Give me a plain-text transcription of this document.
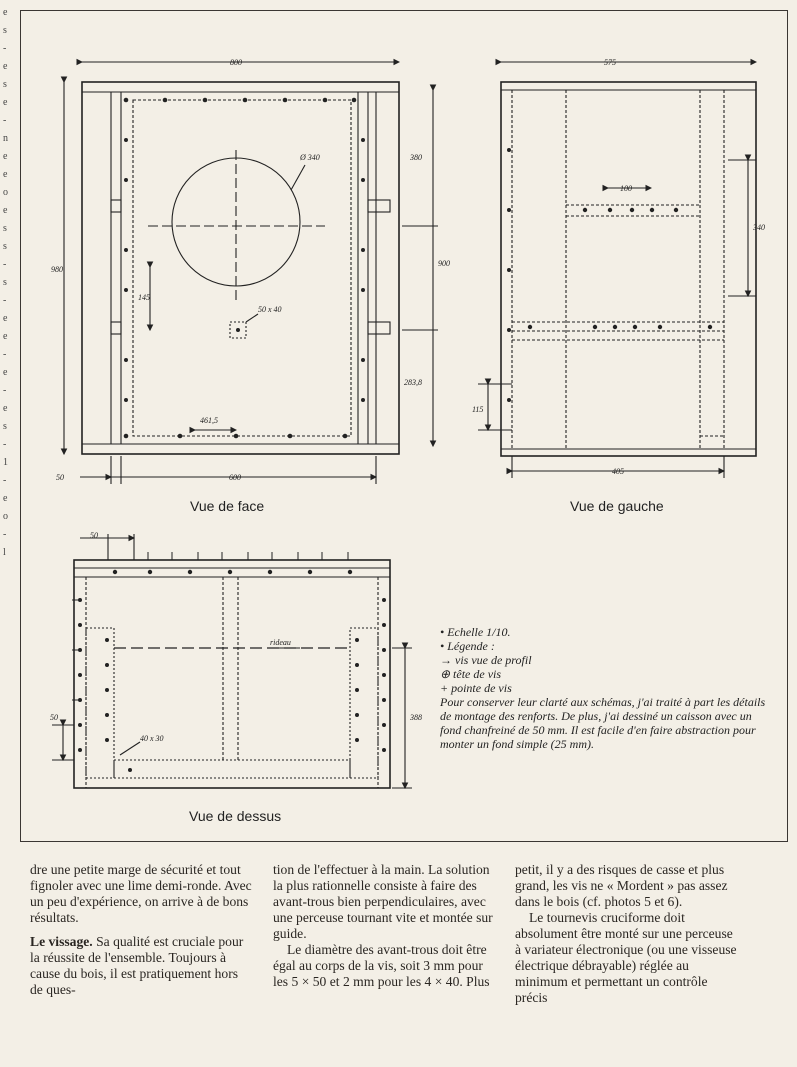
e
s
-
e
s
e
-
n
e
e
o
e
s
s
-
s
-
e
e
-
e
-
e
s
-
1
-
e
o
-
l
800
980
Ø 340	380
900
145
50 x 40
283,8
461,5
600
50
575
100
340
115
405
50
rideau
40 x 30
50	388
Vue de face	Vue de gauche
Vue de dessus
• Echelle 1/10.
• Légende :
→ vis vue de profil
⊕ tête de vis
+ pointe de vis
Pour conserver leur clarté aux schémas, j'ai traité à part les détails de montage des renforts. De plus, j'ai dessiné un caisson avec un fond chanfreiné de 50 mm. Il est facile d'en faire abstraction pour monter un fond simple (25 mm).

dre une petite marge de sécurité et tout fignoler avec une lime demi-ronde. Avec un peu d'expérience, on arrive à de bons résultats.

Le vissage. Sa qualité est cruciale pour la réussite de l'ensemble. Toujours à cause du bois, il est pratiquement hors de ques-

tion de l'effectuer à la main. La solution la plus rationnelle consiste à faire des avant-trous bien perpendiculaires, avec une perceuse tournant vite et montée sur guide.

Le diamètre des avant-trous doit être égal au corps de la vis, soit 3 mm pour les 5 × 50 et 2 mm pour les 4 × 40. Plus

petit, il y a des risques de casse et plus grand, les vis ne « Mordent » pas assez dans le bois (cf. photos 5 et 6).

Le tournevis cruciforme doit absolument être monté sur une perceuse à variateur électronique (ou une visseuse électrique débrayable) réglée au minimum et permettant un contrôle précis
